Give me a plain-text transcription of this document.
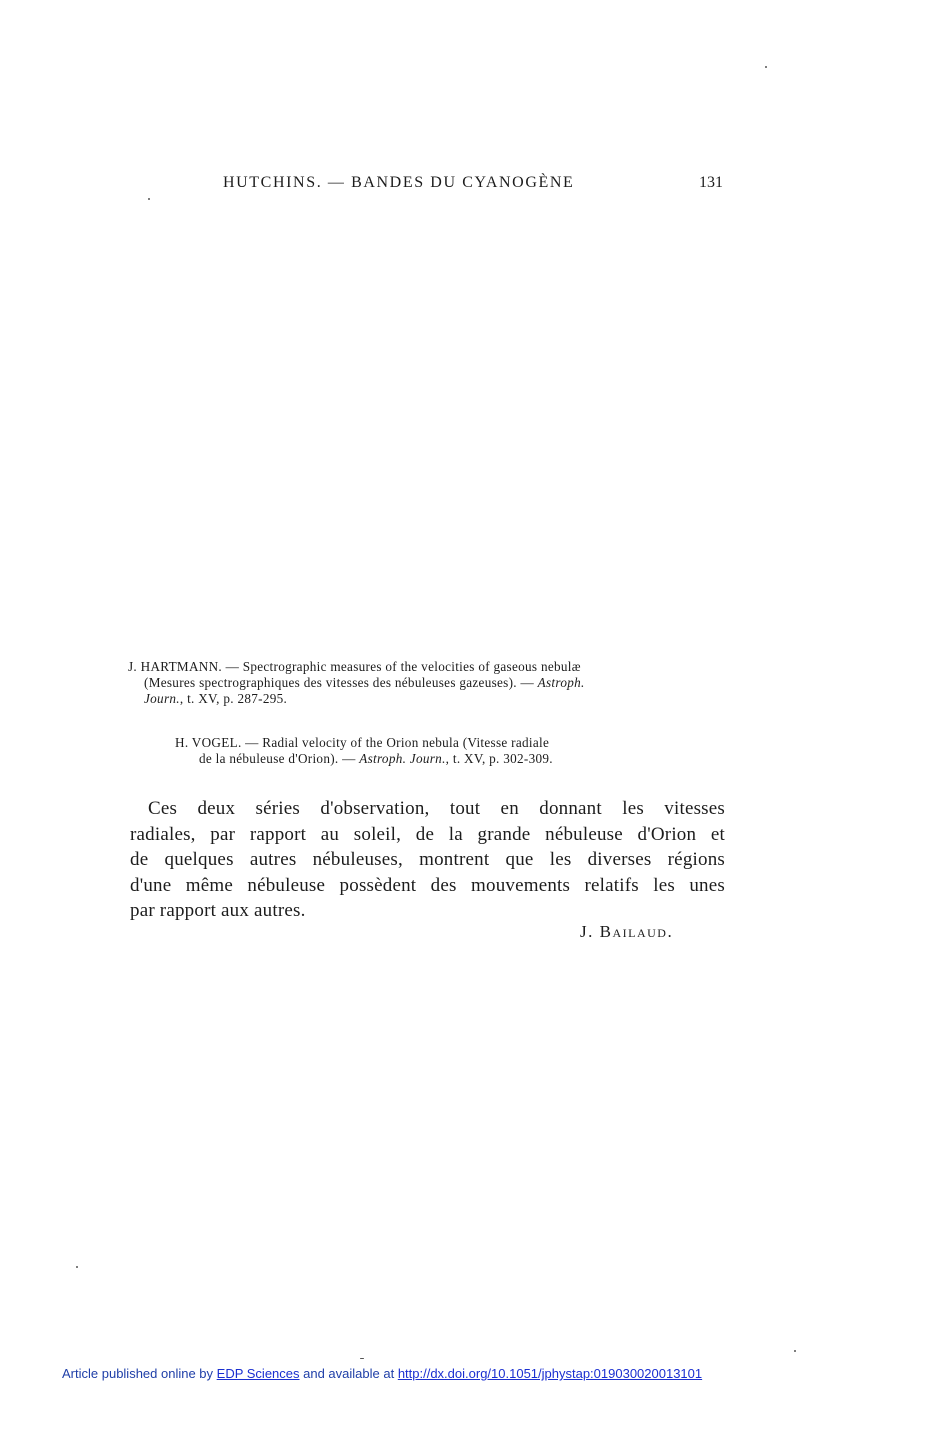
HUTCHINS. — BANDES DU CYANOGÈNE	131
J. HARTMANN. — Spectrographic measures of the velocities of gaseous nebulæ
(Mesures spectrographiques des vitesses des nébuleuses gazeuses). — Astroph.
Journ., t. XV, p. 287-295.
H. VOGEL. — Radial velocity of the Orion nebula (Vitesse radiale
de la nébuleuse d'Orion). — Astroph. Journ., t. XV, p. 302-309.
Ces deux séries d'observation, tout en donnant les vitesses
radiales, par rapport au soleil, de la grande nébuleuse d'Orion et
de quelques autres nébuleuses, montrent que les diverses régions
d'une même nébuleuse possèdent des mouvements relatifs les unes
par rapport aux autres.
J. Bailaud.
Article published online by EDP Sciences and available at http://dx.doi.org/10.1051/jphystap:019030020013101
